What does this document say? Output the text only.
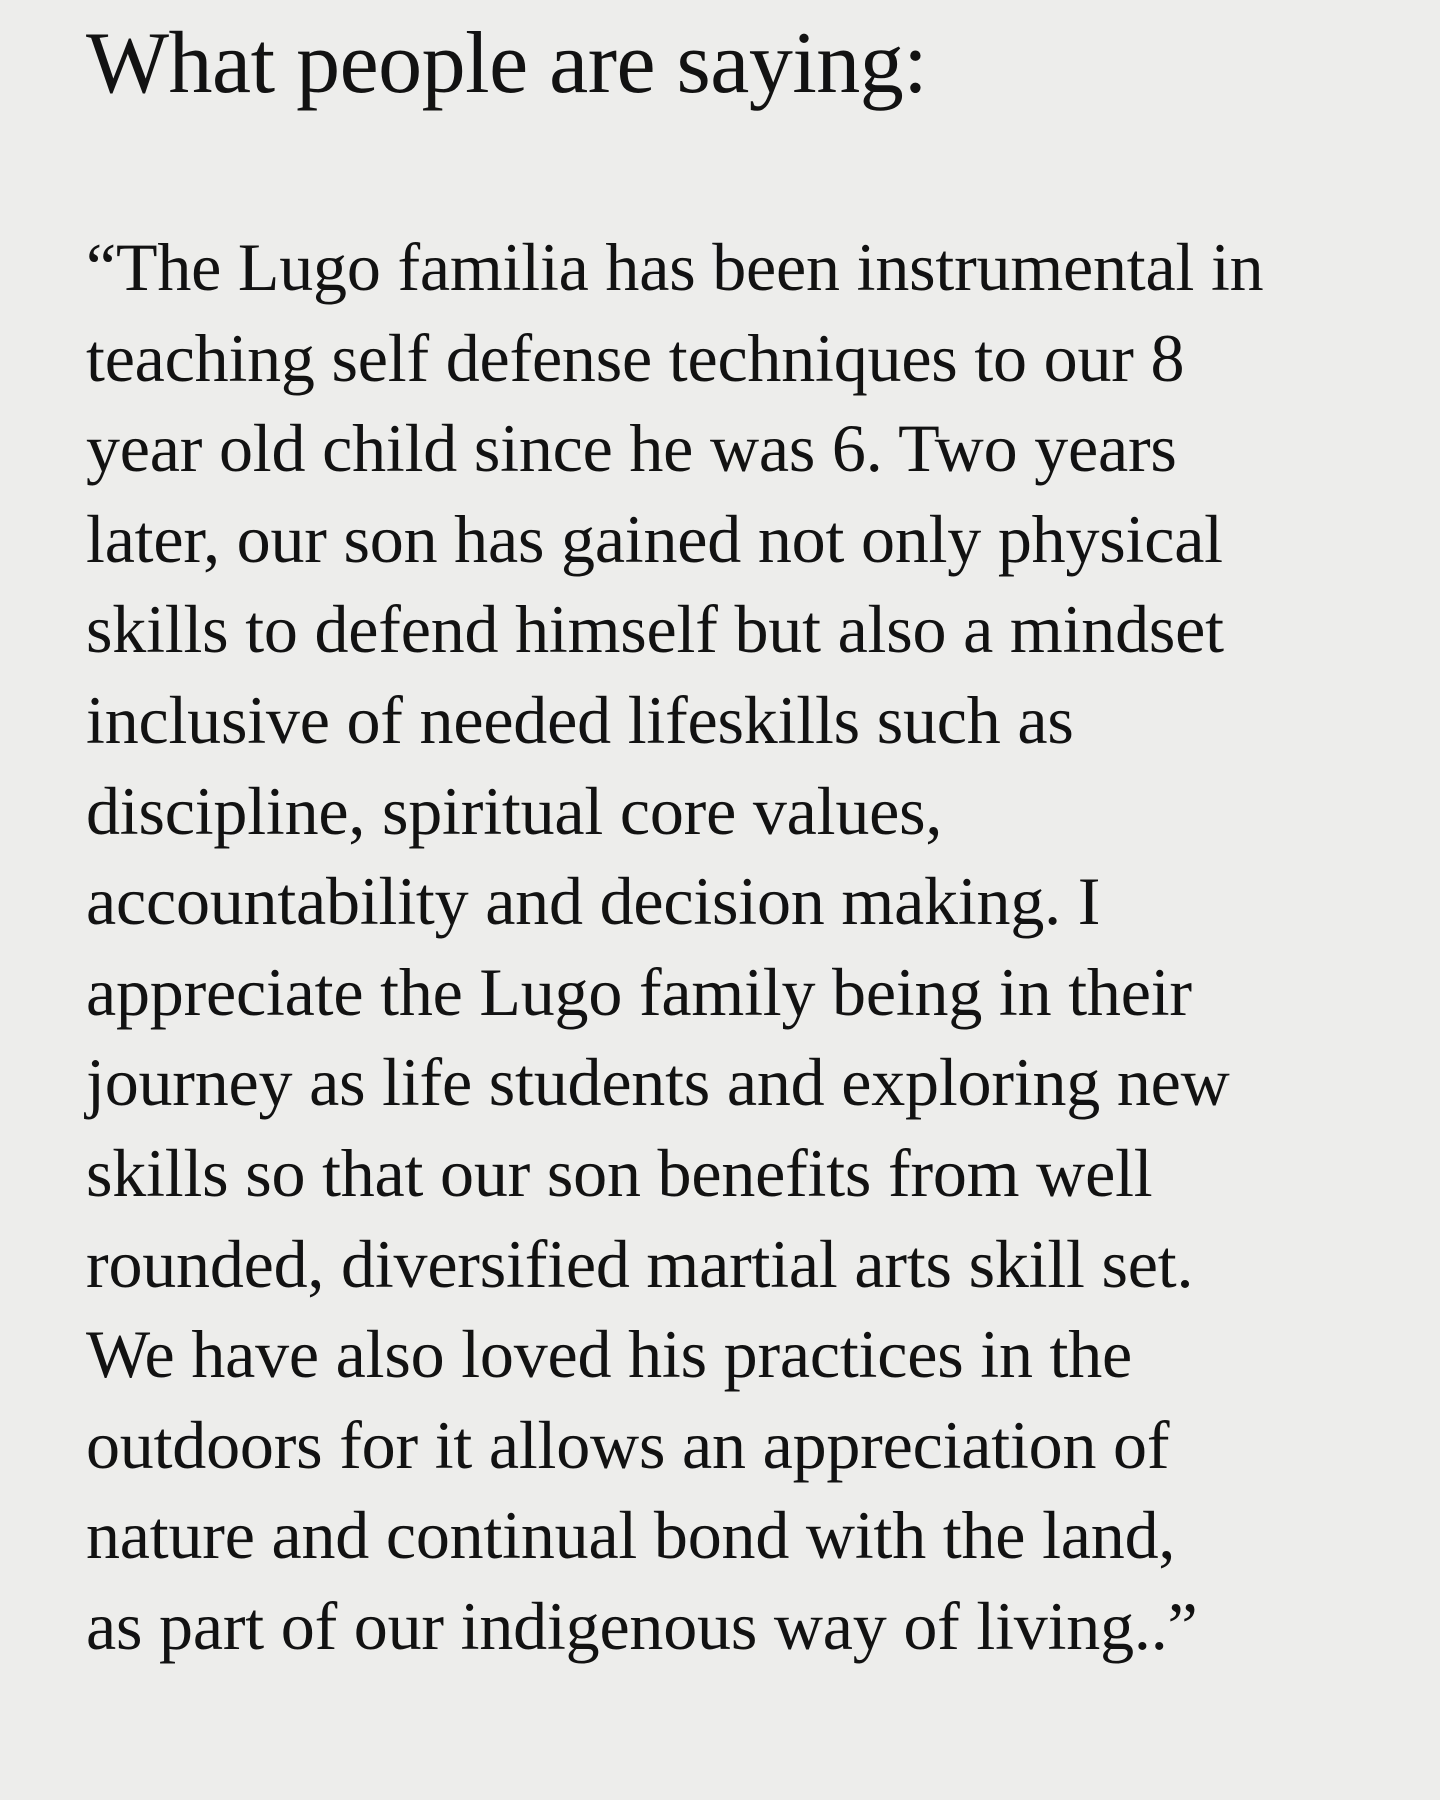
What people are saying:

“The Lugo familia has been instrumental in
teaching self defense techniques to our 8
year old child since he was 6. Two years
later, our son has gained not only physical
skills to defend himself but also a mindset
inclusive of needed lifeskills such as
discipline, spiritual core values,
accountability and decision making. I
appreciate the Lugo family being in their
journey as life students and exploring new
skills so that our son benefits from well
rounded, diversified martial arts skill set.
We have also loved his practices in the
outdoors for it allows an appreciation of
nature and continual bond with the land,
as part of our indigenous way of living..”
